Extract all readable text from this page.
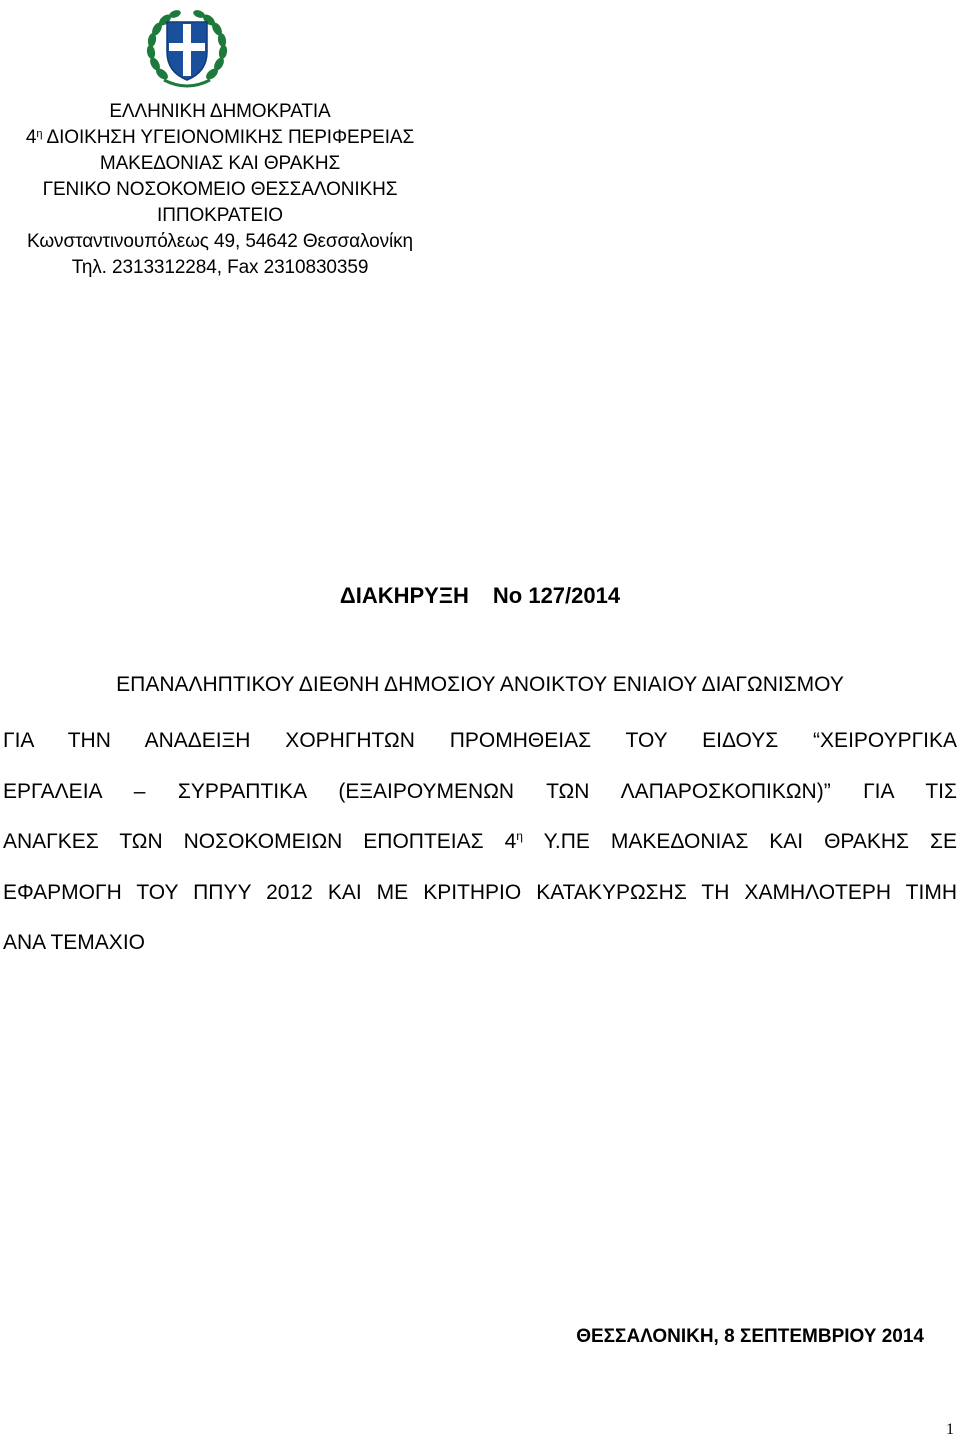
ΕΛΛΗΝΙΚΗ ΔΗΜΟΚΡΑΤΙΑ
$4^\eta$ ΔΙΟΙΚΗΣΗ ΥΓΕΙΟΝΟΜΙΚΗΣ ΠΕΡΙΦΕΡΕΙΑΣ
ΜΑΚΕΔΟΝΙΑΣ ΚΑΙ ΘΡΑΚΗΣ
ΓΕΝΙΚΟ ΝΟΣΟΚΟΜΕΙΟ ΘΕΣΣΑΛΟΝΙΚΗΣ
ΙΠΠΟΚΡΑΤΕΙΟ
Κωνσταντινουπόλεως 49, 54642 Θεσσαλονίκη
Τηλ. 2313312284, Fax 2310830359
ΔΙΑΚΗΡΥΞΗ Νο 127/2014
ΕΠΑΝΑΛΗΠΤΙΚΟΥ ΔΙΕΘΝΗ ΔΗΜΟΣΙΟΥ ΑΝΟΙΚΤΟΥ ΕΝΙΑΙΟΥ ΔΙΑΓΩΝΙΣΜΟΥ
ΓΙΑ ΤΗΝ ΑΝΑΔΕΙΞΗ ΧΟΡΗΓΗΤΩΝ ΠΡΟΜΗΘΕΙΑΣ ΤΟΥ ΕΙΔΟΥΣ “ΧΕΙΡΟΥΡΓΙΚΑ
ΕΡΓΑΛΕΙΑ – ΣΥΡΡΑΠΤΙΚΑ (ΕΞΑΙΡΟΥΜΕΝΩΝ ΤΩΝ ΛΑΠΑΡΟΣΚΟΠΙΚΩΝ)” ΓΙΑ ΤΙΣ
ΑΝΑΓΚΕΣ ΤΩΝ ΝΟΣΟΚΟΜΕΙΩΝ ΕΠΟΠΤΕΙΑΣ $4^\eta$ Υ.ΠΕ ΜΑΚΕΔΟΝΙΑΣ ΚΑΙ ΘΡΑΚΗΣ ΣΕ
ΕΦΑΡΜΟΓΗ ΤΟΥ ΠΠΥΥ 2012 ΚΑΙ ΜΕ ΚΡΙΤΗΡΙΟ ΚΑΤΑΚΥΡΩΣΗΣ ΤΗ ΧΑΜΗΛΟΤΕΡΗ ΤΙΜΗ
ΑΝΑ ΤΕΜΑΧΙΟ
ΘΕΣΣΑΛΟΝΙΚΗ, 8 ΣΕΠΤΕΜΒΡΙΟΥ 2014
1
